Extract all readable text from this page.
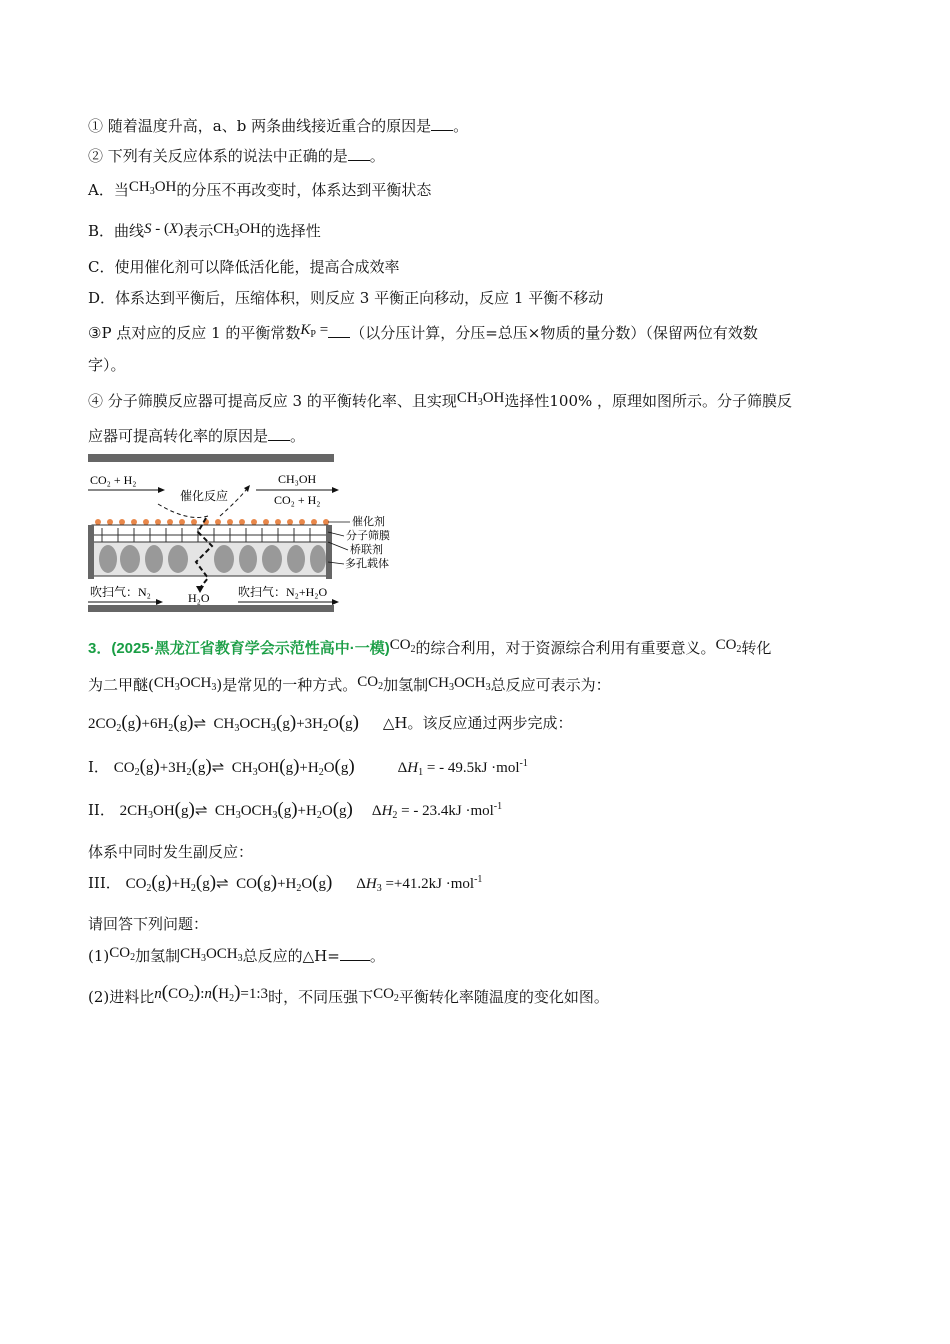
① 随着温度升高，a、b 两条曲线接近重合的原因是 。
② 下列有关反应体系的说法中正确的是 。
A．当$CH_3OH$的分压不再改变时，体系达到平衡状态
B．曲线S - (X)表示$CH_3OH$的选择性
C．使用催化剂可以降低活化能，提高合成效率
D．体系达到平衡后，压缩体积，则反应 3 平衡正向移动，反应 1 平衡不移动
③P 点对应的反应 1 的平衡常数$K_P$ = （以分压计算，分压=总压×物质的量分数）（保留两位有效数
字）。
④ 分子筛膜反应器可提高反应 3 的平衡转化率、且实现$CH_3OH$选择性100% ，原理如图所示。分子筛膜反
应器可提高转化率的原因是 。
CO₂ + H₂	CH₃OH
CO₂ + H₂
催化反应
催化剂
分子筛膜
桥联剂
多孔载体
吹扫气：N₂	H₂O 吹扫气：N₂+H₂O
3．(2025·黑龙江省教育学会示范性高中·一模)$CO_2$的综合利用，对于资源综合利用有重要意义。$CO_2$转化
为二甲醚$(CH_3OCH_3)$是常见的一种方式。$CO_2$加氢制$CH_3OCH_3$总反应可表示为：
$2CO_2(g)+6H_2(g)\rightleftharpoons$  $CH_3OCH_3(g)+3H_2O(g)$ △H。该反应通过两步完成：
I． $CO_2(g)+3H_2(g)\rightleftharpoons$  $CH_3OH(g)+H_2O(g)$	$\Delta H_1$ = - 49.5kJ ·mol$^{-1}$
II． $2CH_3OH(g)\rightleftharpoons$  $CH_3OCH_3(g)+H_2O(g) \Delta H_2$ = - 23.4kJ ·mol$^{-1}$
体系中同时发生副反应：
III． $CO_2(g)+H_2(g)\rightleftharpoons$  $CO(g)+H_2O(g)$ $\Delta H_3 =+41.2kJ \cdot mol^{-1}$
请回答下列问题：
$(1)CO_2$加氢制$CH_3OCH_3$总反应的△H= 。
(2)进料比$n(CO_2):n(H_2)=1:3$时，不同压强下$CO_2$平衡转化率随温度的变化如图。
